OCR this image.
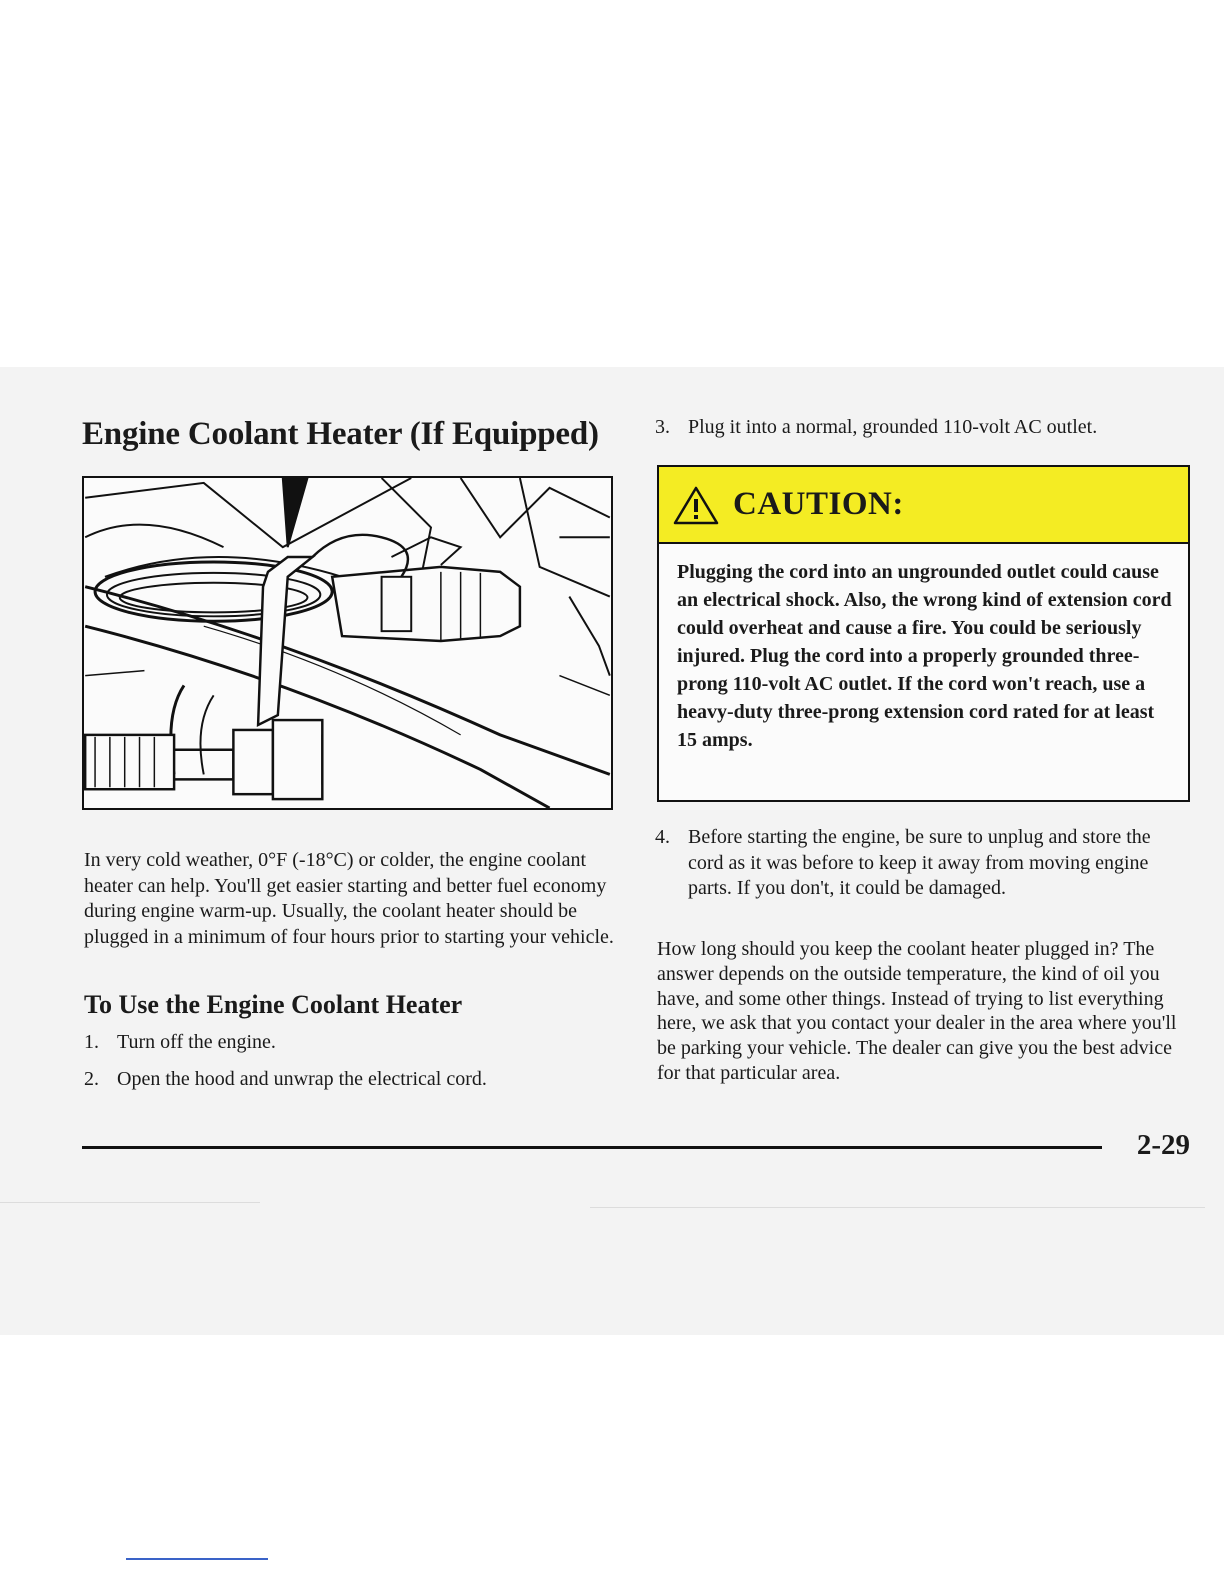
Engine Coolant Heater (If Equipped)

In very cold weather, 0°F (-18°C) or colder, the engine coolant heater can help. You'll get easier starting and better fuel economy during engine warm-up. Usually, the coolant heater should be plugged in a minimum of four hours prior to starting your vehicle.

To Use the Engine Coolant Heater
1. Turn off the engine.
2. Open the hood and unwrap the electrical cord.
3. Plug it into a normal, grounded 110-volt AC outlet.
CAUTION:

Plugging the cord into an ungrounded outlet could cause an electrical shock. Also, the wrong kind of extension cord could overheat and cause a fire. You could be seriously injured. Plug the cord into a properly grounded three-prong 110-volt AC outlet. If the cord won't reach, use a heavy-duty three-prong extension cord rated for at least 15 amps.

4. Before starting the engine, be sure to unplug and store the cord as it was before to keep it away from moving engine parts. If you don't, it could be damaged.

How long should you keep the coolant heater plugged in? The answer depends on the outside temperature, the kind of oil you have, and some other things. Instead of trying to list everything here, we ask that you contact your dealer in the area where you'll be parking your vehicle. The dealer can give you the best advice for that particular area.

2-29
